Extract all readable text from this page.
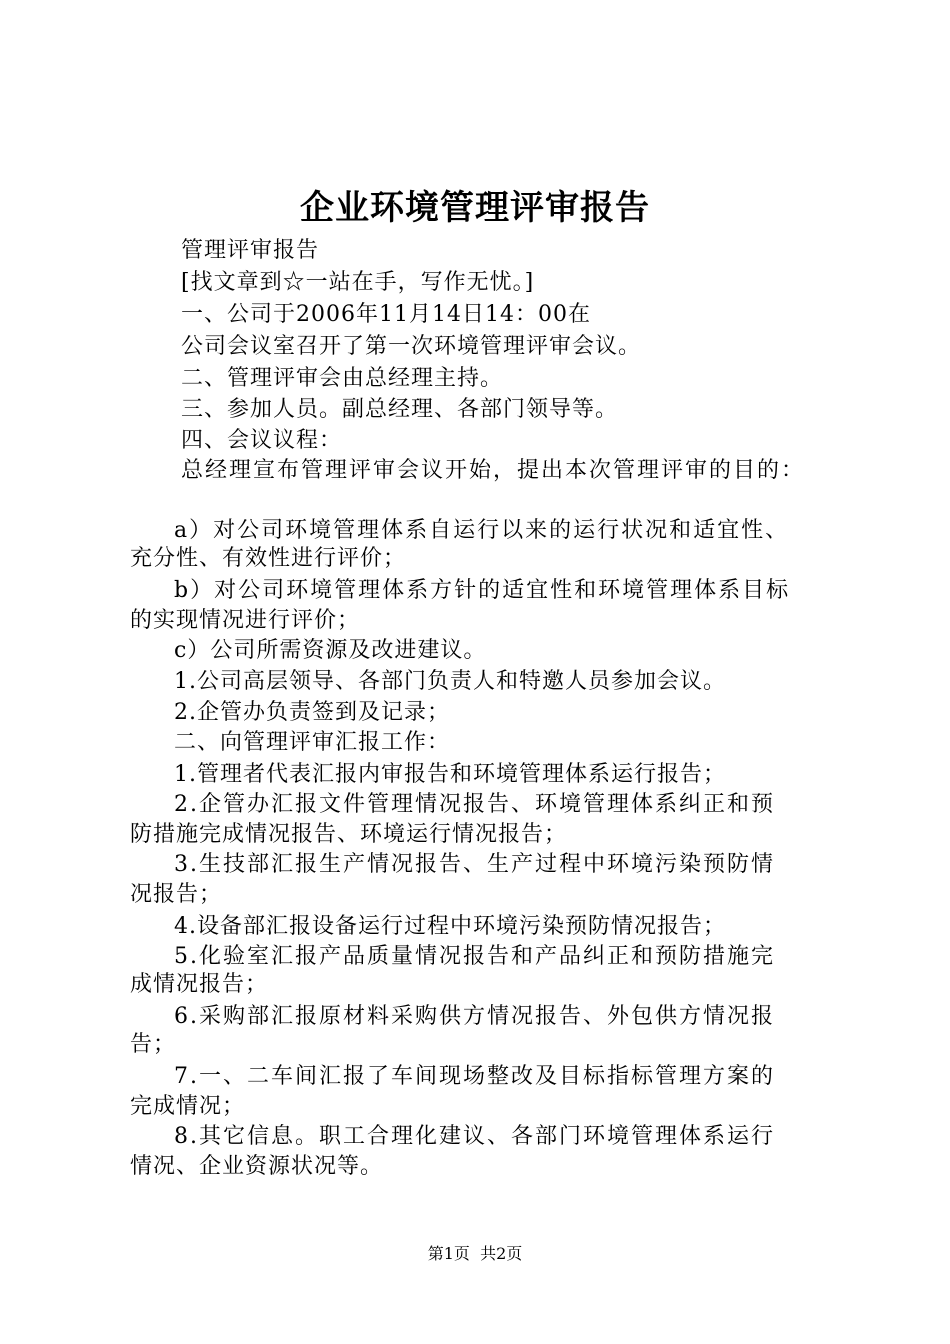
企业环境管理评审报告
管理评审报告
[找文章到☆一站在手，写作无忧。]
一、公司于2006年11月14日14：00在
公司会议室召开了第一次环境管理评审会议。
二、管理评审会由总经理主持。
三、参加人员。副总经理、各部门领导等。
四、会议议程：
总经理宣布管理评审会议开始，提出本次管理评审的目的：
a）对公司环境管理体系自运行以来的运行状况和适宜性、
充分性、有效性进行评价；
b）对公司环境管理体系方针的适宜性和环境管理体系目标
的实现情况进行评价；
c）公司所需资源及改进建议。
1.公司高层领导、各部门负责人和特邀人员参加会议。
2.企管办负责签到及记录；
二、向管理评审汇报工作：
1.管理者代表汇报内审报告和环境管理体系运行报告；
2.企管办汇报文件管理情况报告、环境管理体系纠正和预
防措施完成情况报告、环境运行情况报告；
3.生技部汇报生产情况报告、生产过程中环境污染预防情
况报告；
4.设备部汇报设备运行过程中环境污染预防情况报告；
5.化验室汇报产品质量情况报告和产品纠正和预防措施完
成情况报告；
6.采购部汇报原材料采购供方情况报告、外包供方情况报
告；
7.一、二车间汇报了车间现场整改及目标指标管理方案的
完成情况；
8.其它信息。职工合理化建议、各部门环境管理体系运行
情况、企业资源状况等。
第1页  共2页
